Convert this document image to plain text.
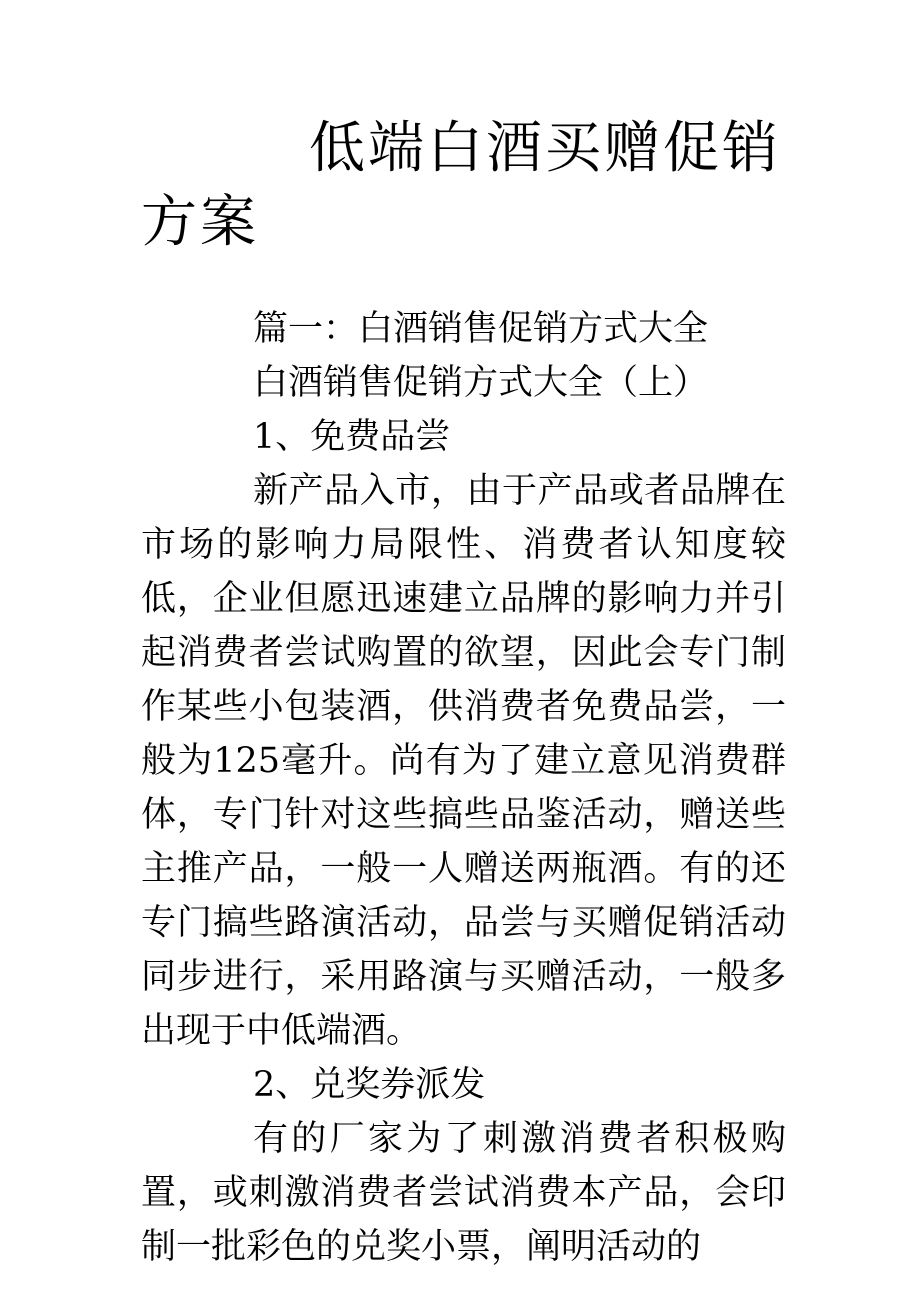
低端白酒买赠促销方案

篇一：白酒销售促销方式大全

白酒销售促销方式大全（上）

1、免费品尝

新产品入市，由于产品或者品牌在市场的影响力局限性、消费者认知度较低，企业但愿迅速建立品牌的影响力并引起消费者尝试购置的欲望，因此会专门制作某些小包装酒，供消费者免费品尝，一般为125毫升。尚有为了建立意见消费群体，专门针对这些搞些品鉴活动，赠送些主推产品，一般一人赠送两瓶酒。有的还专门搞些路演活动，品尝与买赠促销活动同步进行，采用路演与买赠活动，一般多出现于中低端酒。

2、兑奖券派发

有的厂家为了刺激消费者积极购置，或刺激消费者尝试消费本产品，会印制一批彩色的兑奖小票，阐明活动的
